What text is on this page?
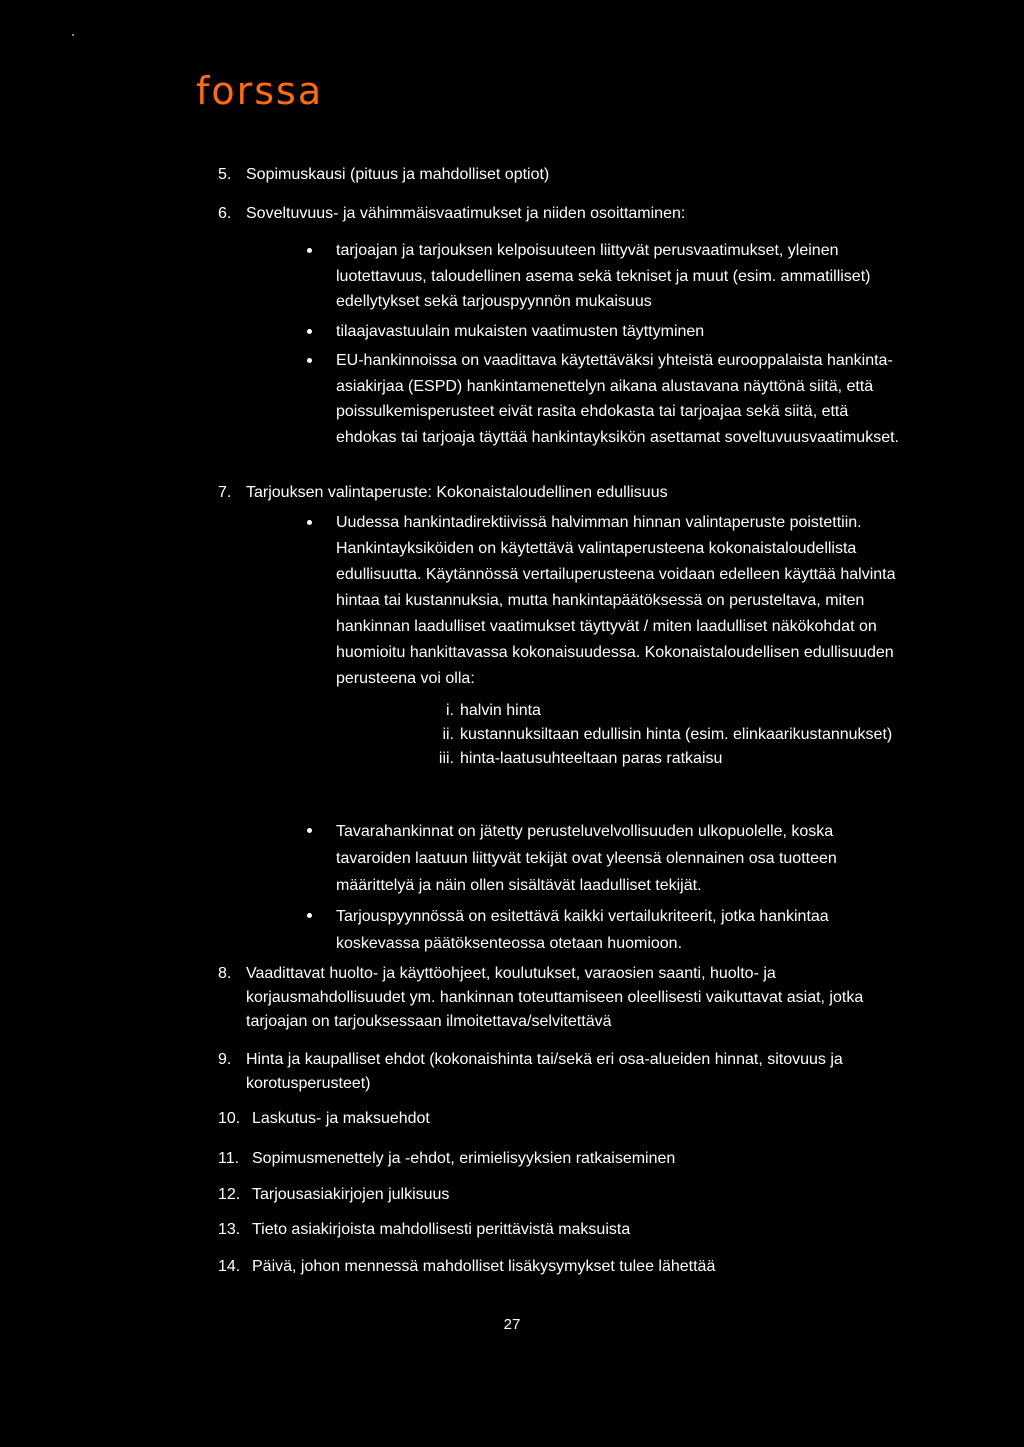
forssa
5. Sopimuskausi (pituus ja mahdolliset optiot)
6. Soveltuvuus- ja vähimmäisvaatimukset ja niiden osoittaminen:

tarjoajan ja tarjouksen kelpoisuuteen liittyvät perusvaatimukset, yleinen luotettavuus, taloudellinen asema sekä tekniset ja muut (esim. ammatilliset) edellytykset sekä tarjouspyynnön mukaisuus

tilaajavastuulain mukaisten vaatimusten täyttyminen

EU-hankinnoissa on vaadittava käytettäväksi yhteistä eurooppalaista hankinta-asiakirjaa (ESPD) hankintamenettelyn aikana alustavana näyttönä siitä, että poissulkemisperusteet eivät rasita ehdokasta tai tarjoajaa sekä siitä, että ehdokas tai tarjoaja täyttää hankintayksikön asettamat soveltuvuusvaatimukset.

7. Tarjouksen valintaperuste: Kokonaistaloudellinen edullisuus

Uudessa hankintadirektiivissä halvimman hinnan valintaperuste poistettiin. Hankintayksiköiden on käytettävä valintaperusteena kokonaistaloudellista edullisuutta. Käytännössä vertailuperusteena voidaan edelleen käyttää halvinta hintaa tai kustannuksia, mutta hankintapäätöksessä on perusteltava, miten hankinnan laadulliset vaatimukset täyttyvät / miten laadulliset näkökohdat on huomioitu hankittavassa kokonaisuudessa. Kokonaistaloudellisen edullisuuden perusteena voi olla:

i. halvin hinta
ii. kustannuksiltaan edullisin hinta (esim. elinkaarikustannukset)
iii. hinta-laatusuhteeltaan paras ratkaisu

Tavarahankinnat on jätetty perusteluvelvollisuuden ulkopuolelle, koska tavaroiden laatuun liittyvät tekijät ovat yleensä olennainen osa tuotteen määrittelyä ja näin ollen sisältävät laadulliset tekijät.

Tarjouspyynnössä on esitettävä kaikki vertailukriteerit, jotka hankintaa koskevassa päätöksenteossa otetaan huomioon.

8. Vaadittavat huolto- ja käyttöohjeet, koulutukset, varaosien saanti, huolto- ja korjausmahdollisuudet ym. hankinnan toteuttamiseen oleellisesti vaikuttavat asiat, jotka tarjoajan on tarjouksessaan ilmoitettava/selvitettävä
9. Hinta ja kaupalliset ehdot (kokonaishinta tai/sekä eri osa-alueiden hinnat, sitovuus ja korotusperusteet)
10. Laskutus- ja maksuehdot
11. Sopimusmenettely ja -ehdot, erimielisyyksien ratkaiseminen
12. Tarjousasiakirjojen julkisuus
13. Tieto asiakirjoista mahdollisesti perittävistä maksuista
14. Päivä, johon mennessä mahdolliset lisäkysymykset tulee lähettää
27
